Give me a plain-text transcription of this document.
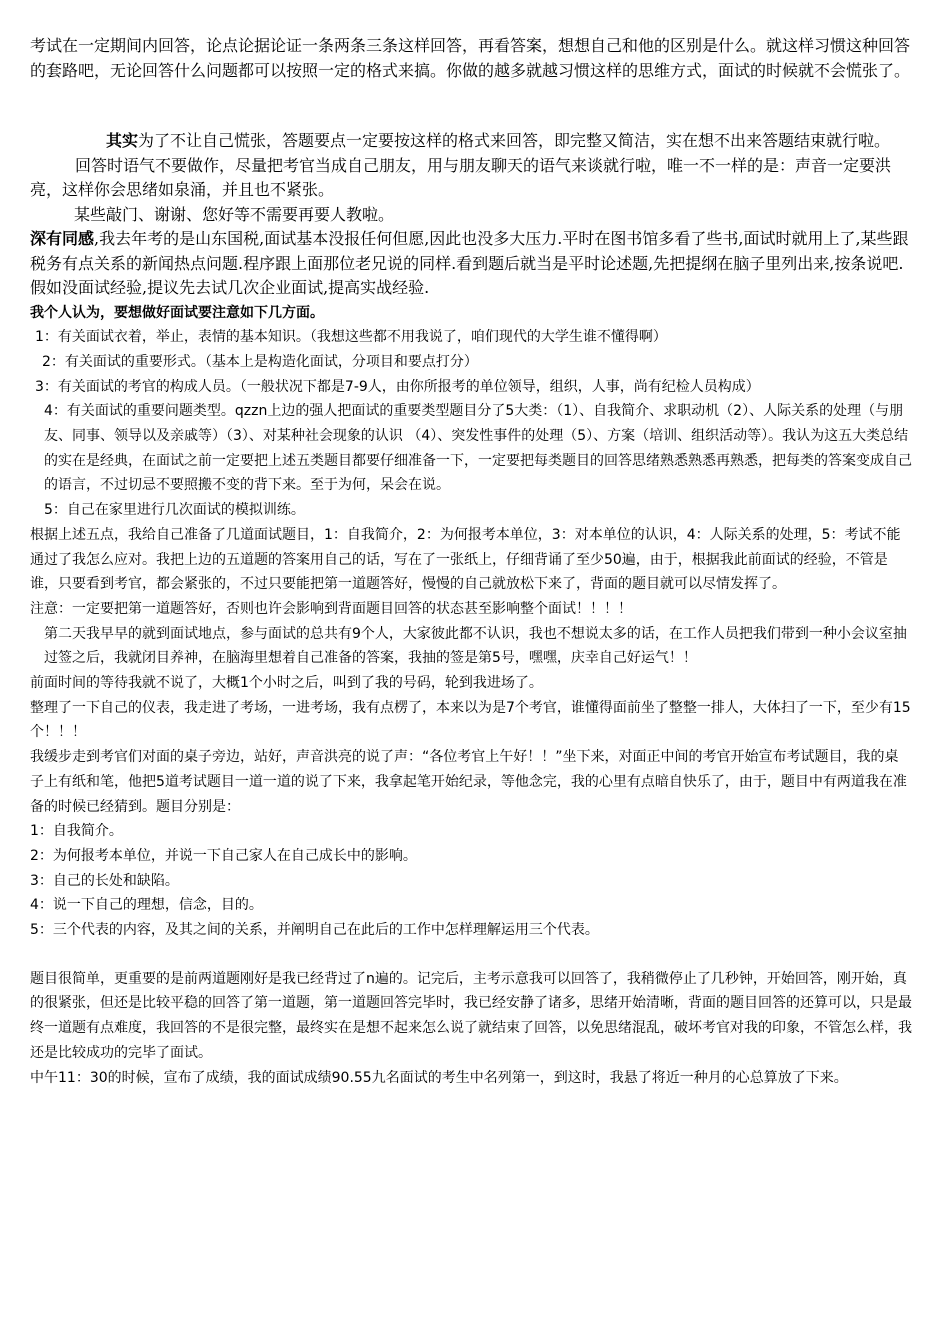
考试在一定期间内回答，论点论据论证一条两条三条这样回答，再看答案，想想自己和他的区别是什么。就这样习惯这种回答的套路吧，无论回答什么问题都可以按照一定的格式来搞。你做的越多就越习惯这样的思维方式，面试的时候就不会慌张了。

其实为了不让自己慌张，答题要点一定要按这样的格式来回答，即完整又简洁，实在想不出来答题结束就行啦。

回答时语气不要做作，尽量把考官当成自己朋友，用与朋友聊天的语气来谈就行啦，唯一不一样的是：声音一定要洪亮，这样你会思绪如泉涌，并且也不紧张。

某些敲门、谢谢、您好等不需要再要人教啦。

深有同感,我去年考的是山东国税,面试基本没报任何但愿,因此也没多大压力.平时在图书馆多看了些书,面试时就用上了,某些跟税务有点关系的新闻热点问题.程序跟上面那位老兄说的同样.看到题后就当是平时论述题,先把提纲在脑子里列出来,按条说吧.假如没面试经验,提议先去试几次企业面试,提高实战经验.

我个人认为，要想做好面试要注意如下几方面。

1：有关面试衣着，举止，表情的基本知识。（我想这些都不用我说了，咱们现代的大学生谁不懂得啊）

2：有关面试的重要形式。（基本上是构造化面试，分项目和要点打分）

3：有关面试的考官的构成人员。（一般状况下都是7-9人，由你所报考的单位领导，组织，人事，尚有纪检人员构成）

4：有关面试的重要问题类型。qzzn上边的强人把面试的重要类型题目分了5大类：（1）、自我简介、求职动机（2）、人际关系的处理（与朋友、同事、领导以及亲戚等）（3）、对某种社会现象的认识 （4）、突发性事件的处理（5）、方案（培训、组织活动等）。我认为这五大类总结的实在是经典，在面试之前一定要把上述五类题目都要仔细准备一下，一定要把每类题目的回答思绪熟悉熟悉再熟悉，把每类的答案变成自己的语言，不过切忌不要照搬不变的背下来。至于为何，呆会在说。

5：自己在家里进行几次面试的模拟训练。

根据上述五点，我给自己准备了几道面试题目，1：自我简介，2：为何报考本单位，3：对本单位的认识，4：人际关系的处理，5：考试不能通过了我怎么应对。我把上边的五道题的答案用自己的话，写在了一张纸上，仔细背诵了至少50遍，由于，根据我此前面试的经验，不管是谁，只要看到考官，都会紧张的，不过只要能把第一道题答好，慢慢的自己就放松下来了，背面的题目就可以尽情发挥了。

注意：一定要把第一道题答好，否则也许会影响到背面题目回答的状态甚至影响整个面试！！！！

第二天我早早的就到面试地点，参与面试的总共有9个人，大家彼此都不认识，我也不想说太多的话，在工作人员把我们带到一种小会议室抽过签之后，我就闭目养神，在脑海里想着自己准备的答案，我抽的签是第5号，嘿嘿，庆幸自己好运气！！

前面时间的等待我就不说了，大概1个小时之后，叫到了我的号码，轮到我进场了。

整理了一下自己的仪表，我走进了考场，一进考场，我有点楞了，本来以为是7个考官，谁懂得面前坐了整整一排人，大体扫了一下，至少有15个！！！

我缓步走到考官们对面的桌子旁边，站好，声音洪亮的说了声：“各位考官上午好！！”坐下来，对面正中间的考官开始宣布考试题目，我的桌子上有纸和笔，他把5道考试题目一道一道的说了下来，我拿起笔开始纪录，等他念完，我的心里有点暗自快乐了，由于，题目中有两道我在准备的时候已经猜到。题目分别是：

1：自我简介。

2：为何报考本单位，并说一下自己家人在自己成长中的影响。

3：自己的长处和缺陷。

4：说一下自己的理想，信念，目的。

5：三个代表的内容，及其之间的关系，并阐明自己在此后的工作中怎样理解运用三个代表。

题目很简单，更重要的是前两道题刚好是我已经背过了n遍的。记完后，主考示意我可以回答了，我稍微停止了几秒钟，开始回答，刚开始，真的很紧张，但还是比较平稳的回答了第一道题，第一道题回答完毕时，我已经安静了诸多，思绪开始清晰，背面的题目回答的还算可以，只是最终一道题有点难度，我回答的不是很完整，最终实在是想不起来怎么说了就结束了回答，以免思绪混乱，破坏考官对我的印象，不管怎么样，我还是比较成功的完毕了面试。

中午11：30的时候，宣布了成绩，我的面试成绩90.55九名面试的考生中名列第一，到这时，我悬了将近一种月的心总算放了下来。
